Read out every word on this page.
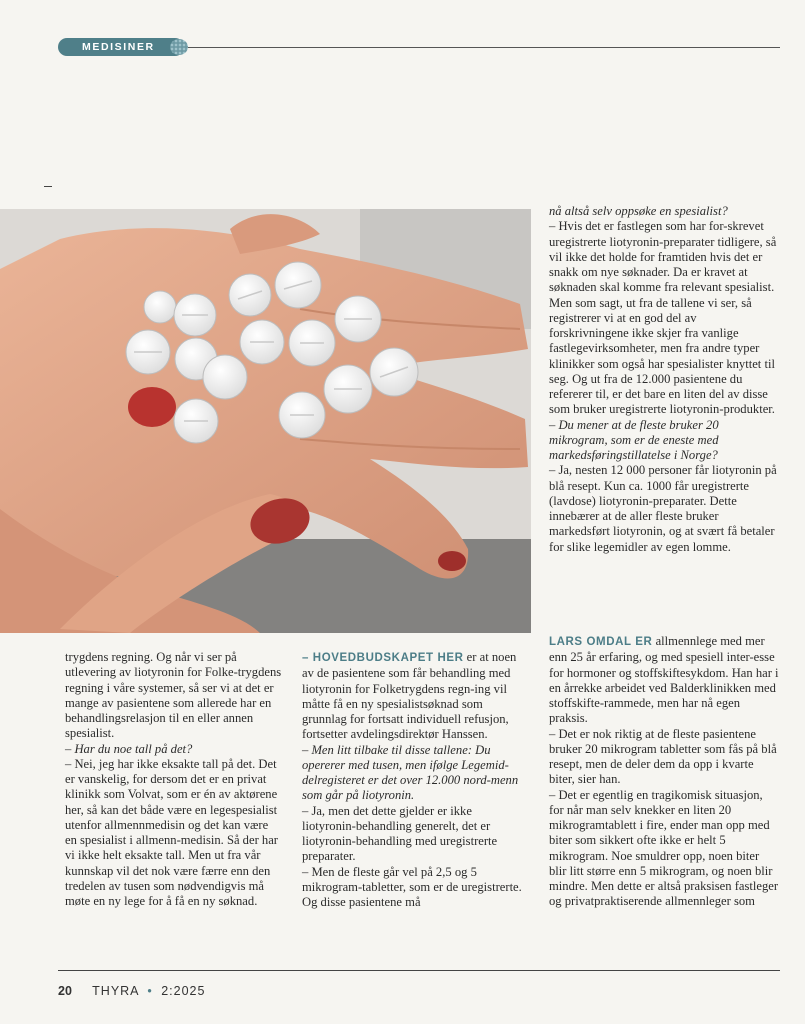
MEDISINER

nå altså selv oppsøke en spesialist?

– Hvis det er fastlegen som har for-skrevet uregistrerte liotyronin-preparater tidligere, så vil ikke det holde for framtiden hvis det er snakk om nye søknader. Da er kravet at søknaden skal komme fra relevant spesialist. Men som sagt, ut fra de tallene vi ser, så registrerer vi at en god del av forskrivningene ikke skjer fra vanlige fastlegevirksomheter, men fra andre typer klinikker som også har spesialister knyttet til seg. Og ut fra de 12.000 pasientene du refererer til, er det bare en liten del av disse som bruker uregistrerte liotyronin-produkter.

– Du mener at de fleste bruker 20 mikrogram, som er de eneste med markedsføringstillatelse i Norge?

– Ja, nesten 12 000 personer får liotyronin på blå resept. Kun ca. 1000 får uregistrerte (lavdose) liotyronin-preparater. Dette innebærer at de aller fleste bruker markedsført liotyronin, og at svært få betaler for slike legemidler av egen lomme.

trygdens regning. Og når vi ser på utlevering av liotyronin for Folke-trygdens regning i våre systemer, så ser vi at det er mange av pasientene som allerede har en behandlingsrelasjon til en eller annen spesialist.

– Har du noe tall på det?

– Nei, jeg har ikke eksakte tall på det. Det er vanskelig, for dersom det er en privat klinikk som Volvat, som er én av aktørene her, så kan det både være en legespesialist utenfor allmennmedisin og det kan være en spesialist i allmenn-medisin. Så der har vi ikke helt eksakte tall. Men ut fra vår kunnskap vil det nok være færre enn den tredelen av tusen som nødvendigvis må møte en ny lege for å få en ny søknad.

– HOVEDBUDSKAPET HER er at noen av de pasientene som får behandling med liotyronin for Folketrygdens regn-ing vil måtte få en ny spesialistsøknad som grunnlag for fortsatt individuell refusjon, fortsetter avdelingsdirektør Hanssen.

– Men litt tilbake til disse tallene: Du opererer med tusen, men ifølge Legemid-delregisteret er det over 12.000 nord-menn som går på liotyronin.

– Ja, men det dette gjelder er ikke liotyronin-behandling generelt, det er liotyronin-behandling med uregistrerte preparater.

– Men de fleste går vel på 2,5 og 5 mikrogram-tabletter, som er de uregistrerte. Og disse pasientene må

LARS OMDAL ER allmennlege med mer enn 25 år erfaring, og med spesiell inter-esse for hormoner og stoffskiftesykdom. Han har i en årrekke arbeidet ved Balderklinikken med stoffskifte-rammede, men har nå egen praksis.

– Det er nok riktig at de fleste pasientene bruker 20 mikrogram tabletter som fås på blå resept, men de deler dem da opp i kvarte biter, sier han.

– Det er egentlig en tragikomisk situasjon, for når man selv knekker en liten 20 mikrogramtablett i fire, ender man opp med biter som sikkert ofte ikke er helt 5 mikrogram. Noe smuldrer opp, noen biter blir litt større enn 5 mikrogram, og noen blir mindre. Men dette er altså praksisen fastleger og privatpraktiserende allmennleger som

20 THYRA • 2:2025
